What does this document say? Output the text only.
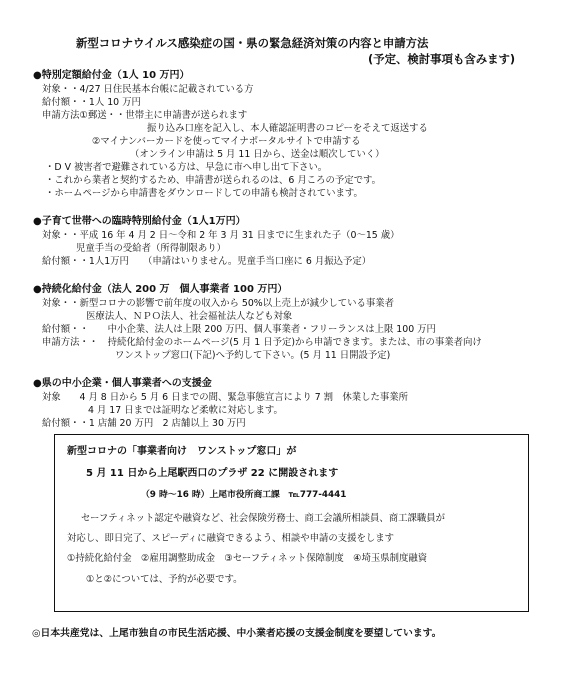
新型コロナウイルス感染症の国・県の緊急経済対策の内容と申請方法
(予定、検討事項も含みます)
●特別定額給付金（1人 10 万円）
対象・・4/27 日住民基本台帳に記載されている方
給付額・・1人 10 万円
申請方法①郵送・・世帯主に申請書が送られます
振り込み口座を記入し、本人確認証明書のコピーをそえて返送する
②マイナンバーカードを使ってマイナポータルサイトで申請する
（オンライン申請は 5 月 11 日から、送金は順次していく）
・D V 被害者で避難されている方は、早急に市へ申し出て下さい。
・これから業者と契約するため、申請書が送られるのは、6 月ころの予定です。
・ホームページから申請書をダウンロードしての申請も検討されています。
●子育て世帯への臨時特別給付金（1人1万円）
対象・・平成 16 年 4 月 2 日～令和 2 年 3 月 31 日までに生まれた子（0～15 歳）
児童手当の受給者（所得制限あり）
給付額・・1人1万円　　（申請はいりません。児童手当口座に 6 月振込予定）
●持続化給付金（法人 200 万　個人事業者 100 万円）
対象・・新型コロナの影響で前年度の収入から 50%以上売上が減少している事業者
医療法人、ＮＰＯ法人、社会福祉法人なども対象
給付額・・　　中小企業、法人は上限 200 万円、個人事業者・フリーランスは上限 100 万円
申請方法・・　持続化給付金のホームページ(5 月 1 日予定)から申請できます。または、市の事業者向け
ワンストップ窓口(下記)へ予約して下さい。(5 月 11 日開設予定)
●県の中小企業・個人事業者への支援金
対象　　4 月 8 日から 5 月 6 日までの間、緊急事態宣言により 7 割　休業した事業所
4 月 17 日までは証明など柔軟に対応します。
給付額・・1 店舗 20 万円　2 店舗以上 30 万円
新型コロナの「事業者向け　ワンストップ窓口」が
5 月 11 日から上尾駅西口のプラザ 22 に開設されます
（9 時～16 時）上尾市役所商工課　℡777-4441
セーフティネット認定や融資など、社会保険労務士、商工会議所相談員、商工課職員が
対応し、即日完了、スピーディに融資できるよう、相談や申請の支援をします
①持続化給付金　②雇用調整助成金　③セーフティネット保障制度　④埼玉県制度融資
①と②については、予約が必要です。
◎日本共産党は、上尾市独自の市民生活応援、中小業者応援の支援金制度を要望しています。
